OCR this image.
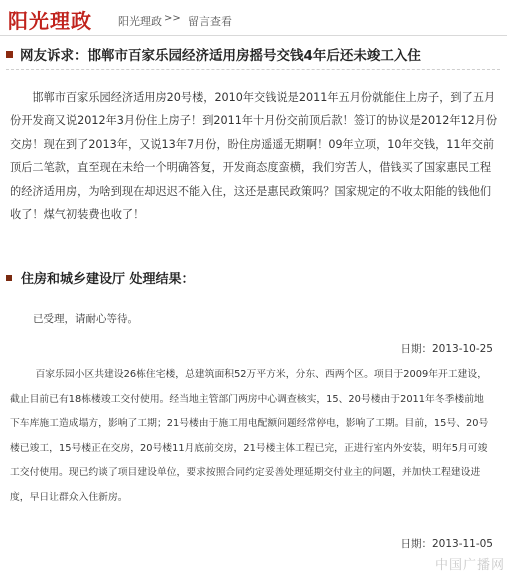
阳光理政 阳光理政 >> 留言查看
网友诉求：邯郸市百家乐园经济适用房摇号交钱4年后还未竣工入住

邯郸市百家乐园经济适用房20号楼，2010年交钱说是2011年五月份就能住上房子，到了五月份开发商又说2012年3月份住上房子！到2011年十月份交前顶后款！签订的协议是2012年12月份交房！现在到了2013年，又说13年7月份，盼住房遥遥无期啊！09年立项，10年交钱，11年交前顶后二笔款，直至现在未给一个明确答复，开发商态度蛮横，我们穷苦人，借钱买了国家惠民工程的经济适用房，为啥到现在却迟迟不能入住，这还是惠民政策吗？国家规定的不收太阳能的钱他们收了！煤气初装费也收了！

住房和城乡建设厅 处理结果：

已受理，请耐心等待。

日期：2013-10-25

百家乐园小区共建设26栋住宅楼，总建筑面积52万平方米，分东、西两个区。项目于2009年开工建设，截止目前已有18栋楼竣工交付使用。经当地主管部门两房中心调查核实，15、20号楼由于2011年冬季楼前地下车库施工造成塌方，影响了工期；21号楼由于施工用电配额问题经常停电，影响了工期。目前，15号、20号楼已竣工，15号楼正在交房，20号楼11月底前交房，21号楼主体工程已完，正进行室内外安装，明年5月可竣工交付使用。现已约谈了项目建设单位，要求按照合同约定妥善处理延期交付业主的问题，并加快工程建设进度，早日让群众入住新房。

日期：2013-11-05

中国广播网
